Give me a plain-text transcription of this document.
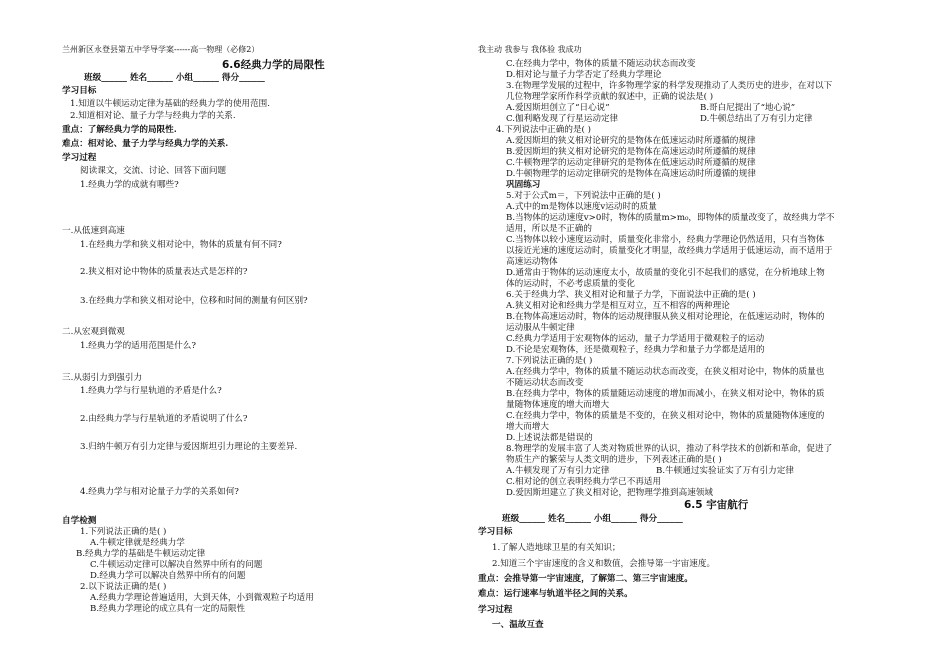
兰州新区永登县第五中学导学案------高一物理（必修2）	我主动 我参与 我体验 我成功
6.6经典力学的局限性
班级______ 姓名______ 小组______ 得分______
学习目标
1.知道以牛顿运动定律为基础的经典力学的使用范围.
2.知道相对论、量子力学与经典力学的关系.
重点：了解经典力学的局限性.
难点：相对论、量子力学与经典力学的关系.
学习过程
阅读课文，交流、讨论、回答下面问题
1.经典力学的成就有哪些?
一.从低速到高速
1.在经典力学和狭义相对论中，物体的质量有何不同?
2.狭义相对论中物体的质量表达式是怎样的?
3.在经典力学和狭义相对论中，位移和时间的测量有何区别?
二.从宏观到微观
1.经典力学的适用范围是什么?
三.从弱引力到强引力
1.经典力学与行星轨道的矛盾是什么?
2.由经典力学与行星轨道的矛盾说明了什么?
3.归纳牛顿万有引力定律与爱因斯坦引力理论的主要差异.
4.经典力学与相对论量子力学的关系如何?
自学检测
1.下列说法正确的是( )
A.牛顿定律就是经典力学
B.经典力学的基础是牛顿运动定律
C.牛顿运动定律可以解决自然界中所有的问题
D.经典力学可以解决自然界中所有的问题
2.以下说法正确的是( )
A.经典力学理论普遍适用，大到天体，小到微观粒子均适用
B.经典力学理论的成立具有一定的局限性
C.在经典力学中，物体的质量不随运动状态而改变
D.相对论与量子力学否定了经典力学理论
3.在物理学发展的过程中，许多物理学家的科学发现推动了人类历史的进步，在对以下
几位物理学家所作科学贡献的叙述中，正确的说法是( )
A.爱因斯坦创立了“日心说”	B.哥白尼提出了“地心说”
C.伽利略发现了行星运动定律	D.牛顿总结出了万有引力定律
4.下列说法中正确的是( )
A.爱因斯坦的狭义相对论研究的是物体在低速运动时所遵循的规律
B.爱因斯坦的狭义相对论研究的是物体在高速运动时所遵循的规律
C.牛顿物理学的运动定律研究的是物体在低速运动时所遵循的规律
D.牛顿物理学的运动定律研究的是物体在高速运动时所遵循的规律
巩固练习
5.对于公式m＝，下列说法中正确的是( )
A.式中的m是物体以速度v运动时的质量
B.当物体的运动速度v>0时，物体的质量m>m₀，即物体的质量改变了，故经典力学不
适用，所以是不正确的
C.当物体以较小速度运动时，质量变化非常小，经典力学理论仍然适用，只有当物体
以接近光速的速度运动时，质量变化才明显，故经典力学适用于低速运动，而不适用于
高速运动物体
D.通常由于物体的运动速度太小，故质量的变化引不起我们的感觉，在分析地球上物
体的运动时，不必考虑质量的变化
6.关于经典力学、狭义相对论和量子力学，下面说法中正确的是( )
A.狭义相对论和经典力学是相互对立，互不相容的两种理论
B.在物体高速运动时，物体的运动规律服从狭义相对论理论，在低速运动时，物体的
运动服从牛顿定律
C.经典力学适用于宏观物体的运动，量子力学适用于微观粒子的运动
D.不论是宏观物体，还是微观粒子，经典力学和量子力学都是适用的
7.下列说法正确的是( )
A.在经典力学中，物体的质量不随运动状态而改变，在狭义相对论中，物体的质量也
不随运动状态而改变
B.在经典力学中，物体的质量随运动速度的增加而减小，在狭义相对论中，物体的质
量随物体速度的增大而增大
C.在经典力学中，物体的质量是不变的，在狭义相对论中，物体的质量随物体速度的
增大而增大
D.上述说法都是错误的
8.物理学的发展丰富了人类对物质世界的认识，推动了科学技术的创新和革命，促进了
物质生产的繁荣与人类文明的进步，下列表述正确的是( )
A.牛顿发现了万有引力定律	B.牛顿通过实验证实了万有引力定律
C.相对论的创立表明经典力学已不再适用
D.爱因斯坦建立了狭义相对论，把物理学推到高速领域
6.5 宇宙航行
班级______ 姓名______ 小组______ 得分______
学习目标
1.了解人造地球卫星的有关知识；
2.知道三个宇宙速度的含义和数值，会推导第一宇宙速度。
重点：会推导第一宇宙速度，了解第二、第三宇宙速度。
难点：运行速率与轨道半径之间的关系。
学习过程
一、温故互查
